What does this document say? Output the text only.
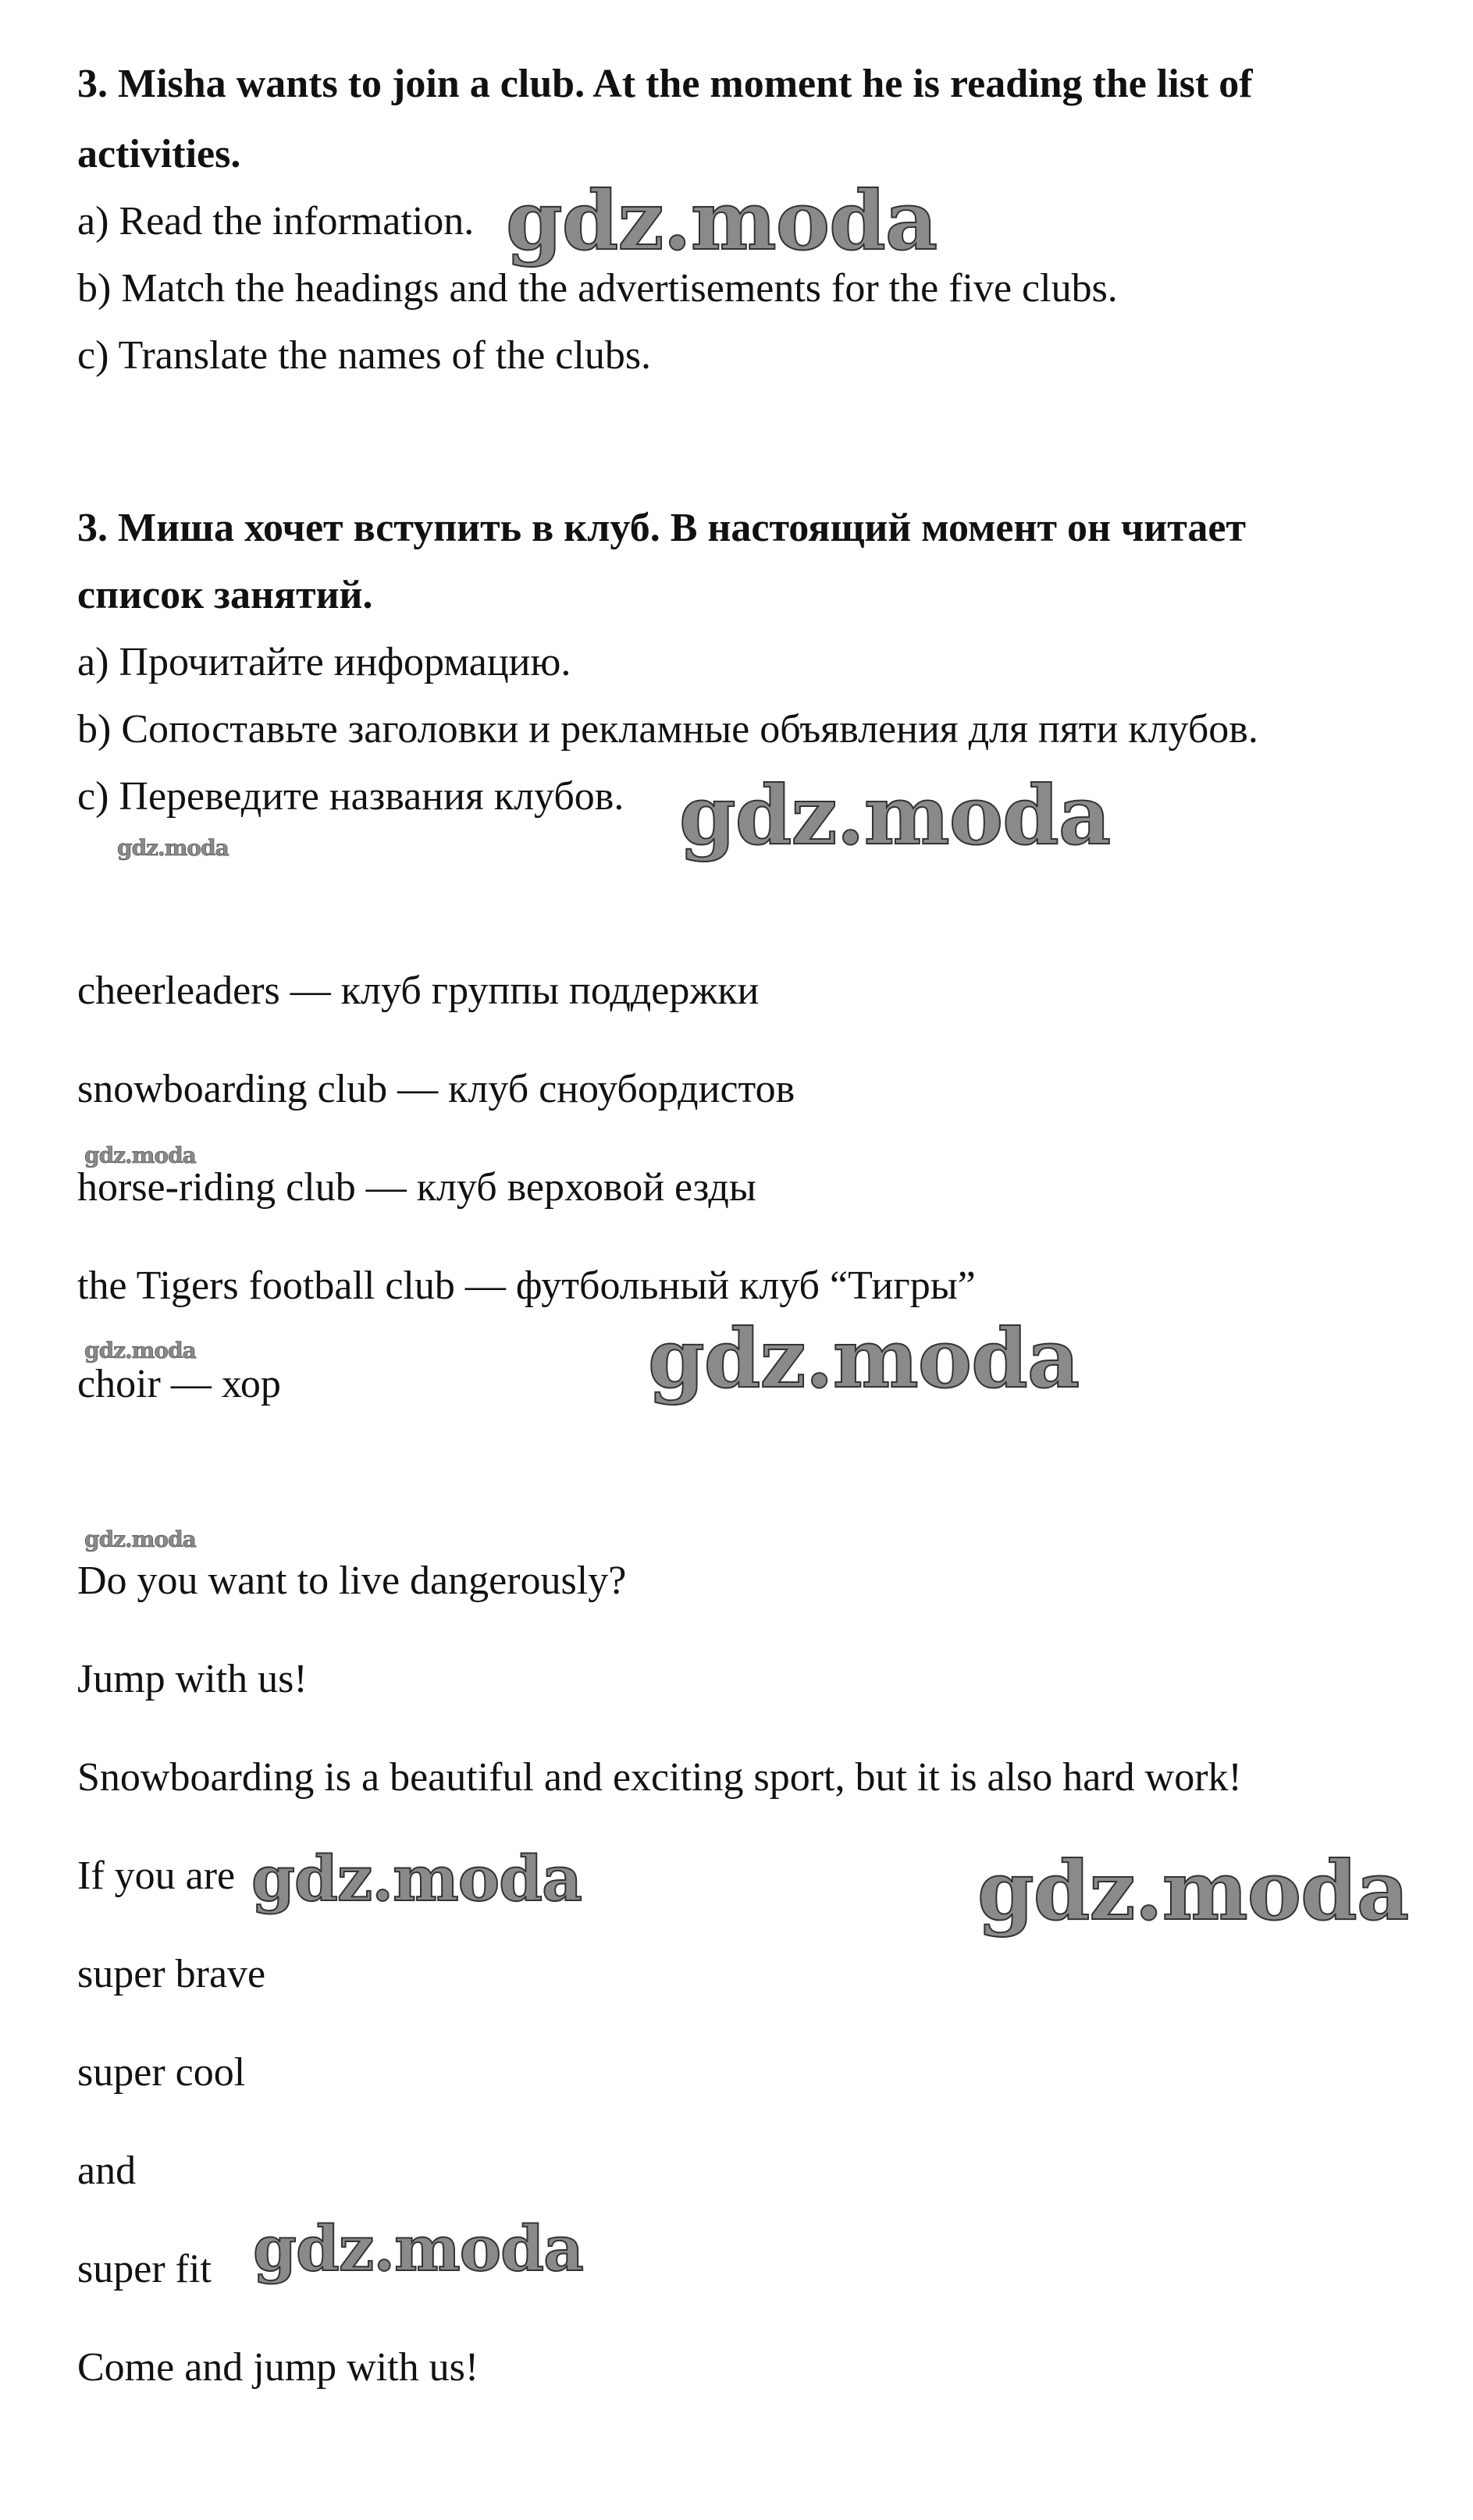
3. Misha wants to join a club. At the moment he is reading the list of
activities.
a) Read the information.
b) Match the headings and the advertisements for the five clubs.
c) Translate the names of the clubs.
3. Миша хочет вступить в клуб. В настоящий момент он читает
список занятий.
a) Прочитайте информацию.
b) Сопоставьте заголовки и рекламные объявления для пяти клубов.
c) Переведите названия клубов.
cheerleaders — клуб группы поддержки
snowboarding club — клуб сноубордистов
horse-riding club — клуб верховой езды
the Tigers football club — футбольный клуб “Тигры”
choir — хор
Do you want to live dangerously?
Jump with us!
Snowboarding is a beautiful and exciting sport, but it is also hard work!
If you are
super brave
super cool
and
super fit
Come and jump with us!
gdz.moda
gdz.moda
gdz.moda
gdz.moda
gdz.moda	gdz.moda
gdz.moda
gdz.moda	gdz.moda
gdz.moda
